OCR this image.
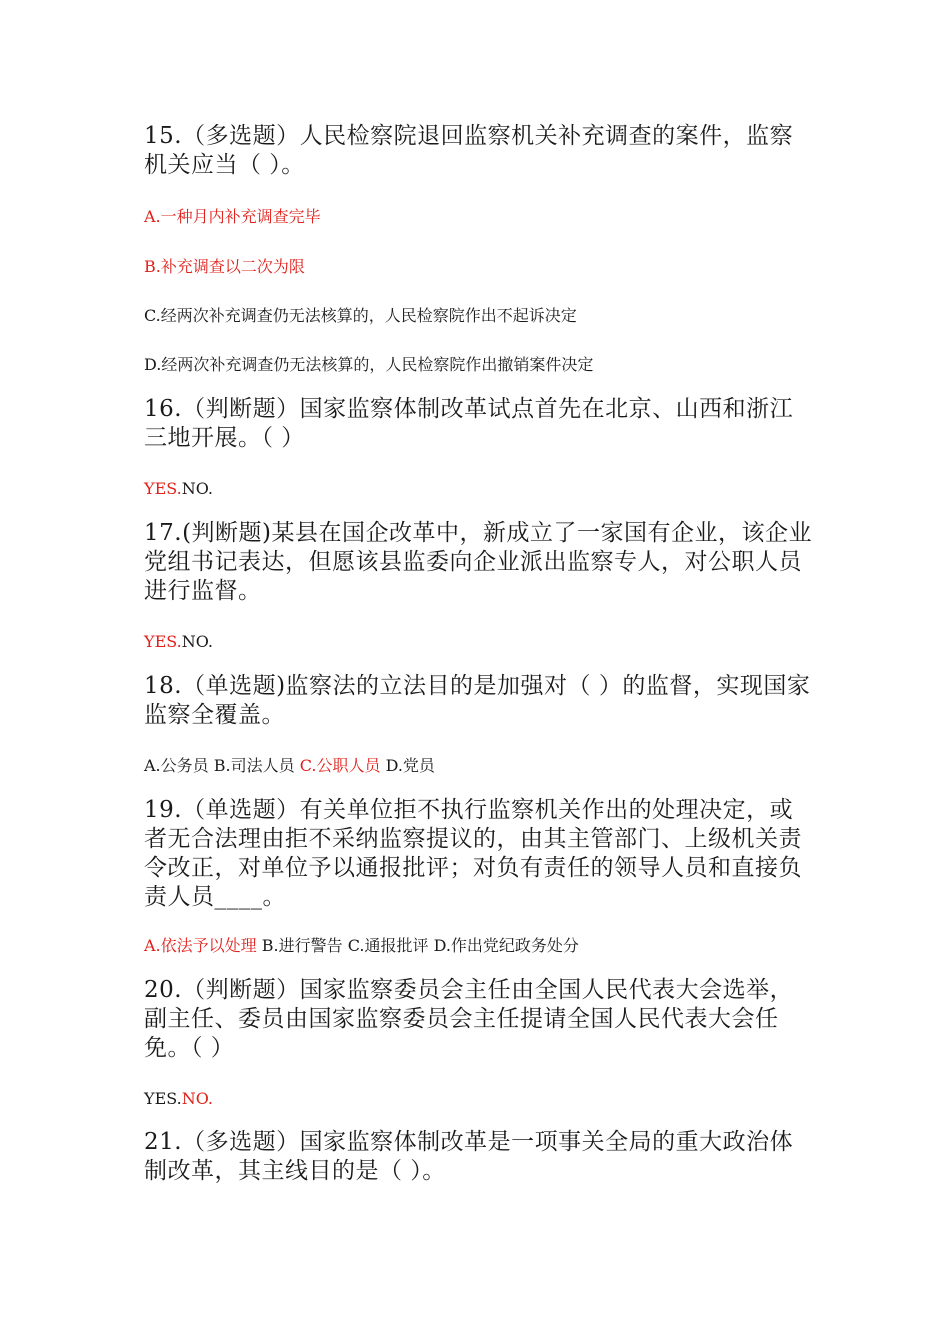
15.（多选题）人民检察院退回监察机关补充调查的案件，监察机关应当（ ）。

A.一种月内补充调查完毕
B.补充调查以二次为限
C.经两次补充调查仍无法核算的，人民检察院作出不起诉决定
D.经两次补充调查仍无法核算的，人民检察院作出撤销案件决定

16.（判断题）国家监察体制改革试点首先在北京、山西和浙江三地开展。（ ）

YES.NO.

17.(判断题)某县在国企改革中，新成立了一家国有企业，该企业党组书记表达，但愿该县监委向企业派出监察专人，对公职人员进行监督。

YES.NO.

18.（单选题)监察法的立法目的是加强对（ ）的监督，实现国家监察全覆盖。

A.公务员 B.司法人员 C.公职人员 D.党员

19.（单选题）有关单位拒不执行监察机关作出的处理决定，或者无合法理由拒不采纳监察提议的，由其主管部门、上级机关责令改正，对单位予以通报批评；对负有责任的领导人员和直接负责人员____。

A.依法予以处理 B.进行警告 C.通报批评 D.作出党纪政务处分

20.（判断题）国家监察委员会主任由全国人民代表大会选举，副主任、委员由国家监察委员会主任提请全国人民代表大会任免。（ ）

YES.NO.

21.（多选题）国家监察体制改革是一项事关全局的重大政治体制改革，其主线目的是（ ）。
